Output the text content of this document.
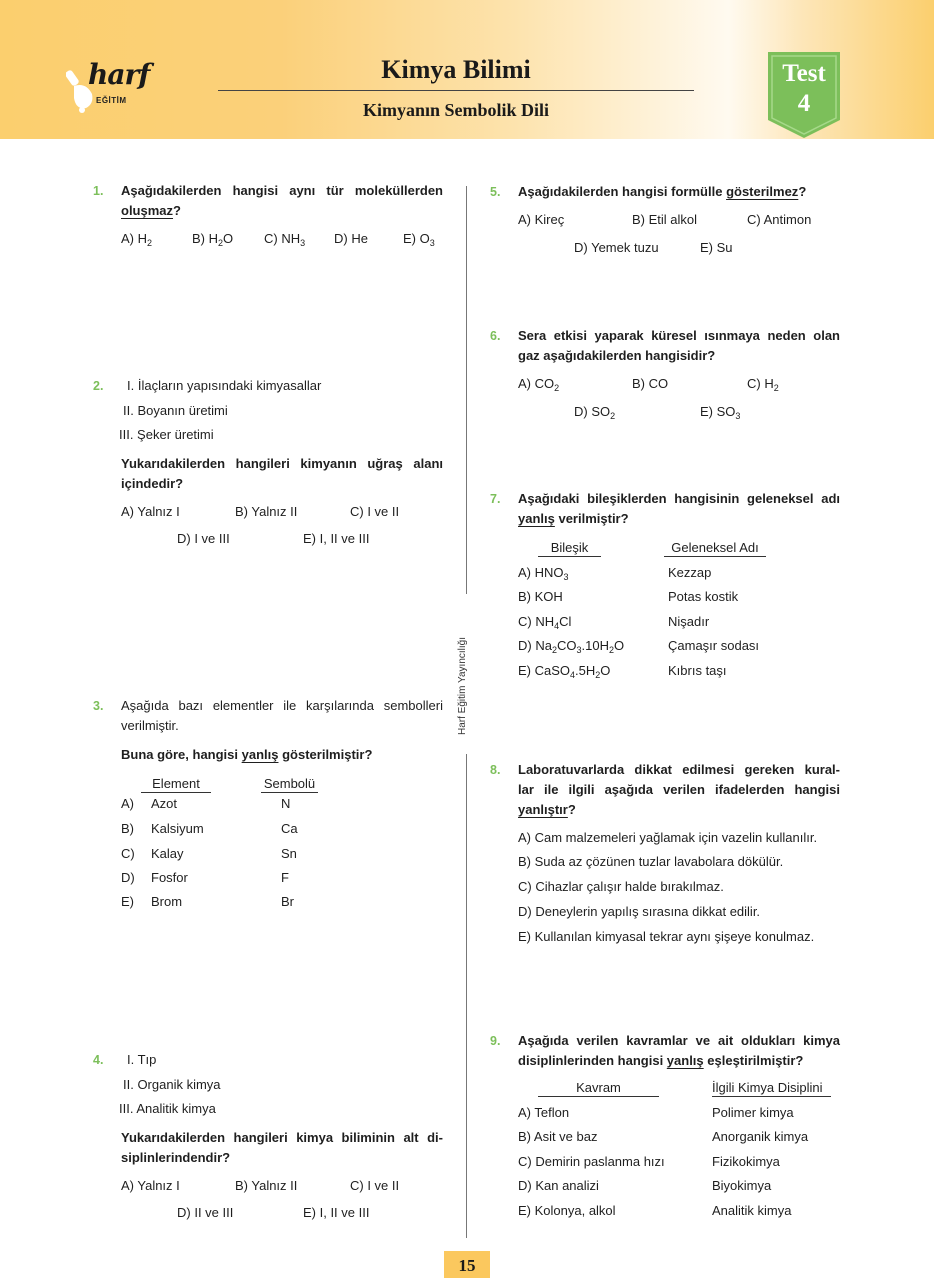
harf
EĞİTİM
Kimya Bilimi
Kimyanın Sembolik Dili
Test
4
Harf Eğitim Yayıncılığı
1. Aşağıdakilerden hangisi aynı tür moleküllerden
oluşmaz?
A) $H_2$	B) $H_2O$ C) $NH_3$ D) He	E) $O_3$
2. I. İlaçların yapısındaki kimyasallar
II. Boyanın üretimi
III. Şeker üretimi
Yukarıdakilerden hangileri kimyanın uğraş alanı içindedir?
A) Yalnız I	B) Yalnız II	C) I ve II
D) I ve III	E) I, II ve III
3. Aşağıda bazı elementler ile karşılarında sembolleri verilmiştir.
Buna göre, hangisi yanlış gösterilmiştir?
Element	Sembolü
A) Azot	N
B) Kalsiyum	Ca
C) Kalay	Sn
D) Fosfor	F
E) Brom	Br
4. I. Tıp
II. Organik kimya
III. Analitik kimya
Yukarıdakilerden hangileri kimya biliminin alt di-
siplinlerindendir?
A) Yalnız I	B) Yalnız II	C) I ve II
D) II ve III	E) I, II ve III
5. Aşağıdakilerden hangisi formülle gösterilmez?
A) Kireç	B) Etil alkol	C) Antimon
D) Yemek tuzu	E) Su
6. Sera etkisi yaparak küresel ısınmaya neden olan gaz aşağıdakilerden hangisidir?
A) $CO_2$	B) CO	C) $H_2$
D) $SO_2$	E) $SO_3$
7. Aşağıdaki bileşiklerden hangisinin geleneksel adı yanlış verilmiştir?
Bileşik	Geleneksel Adı
A) $HNO_3$	Kezzap
B) KOH	Potas kostik
C) $NH_4Cl$	Nişadır
D) $Na_2CO_3.10H_2O$	Çamaşır sodası
E) $CaSO_4.5H_2O$	Kıbrıs taşı
8. Laboratuvarlarda dikkat edilmesi gereken kural-
lar ile ilgili aşağıda verilen ifadelerden hangisi
yanlıştır?
A) Cam malzemeleri yağlamak için vazelin kullanılır.
B) Suda az çözünen tuzlar lavabolara dökülür.
C) Cihazlar çalışır halde bırakılmaz.
D) Deneylerin yapılış sırasına dikkat edilir.
E) Kullanılan kimyasal tekrar aynı şişeye konulmaz.
9. Aşağıda verilen kavramlar ve ait oldukları kimya
disiplinlerinden hangisi yanlış eşleştirilmiştir?
Kavram	İlgili Kimya Disiplini
A) Teflon	Polimer kimya
B) Asit ve baz	Anorganik kimya
C) Demirin paslanma hızı	Fizikokimya
D) Kan analizi	Biyokimya
E) Kolonya, alkol	Analitik kimya
15
